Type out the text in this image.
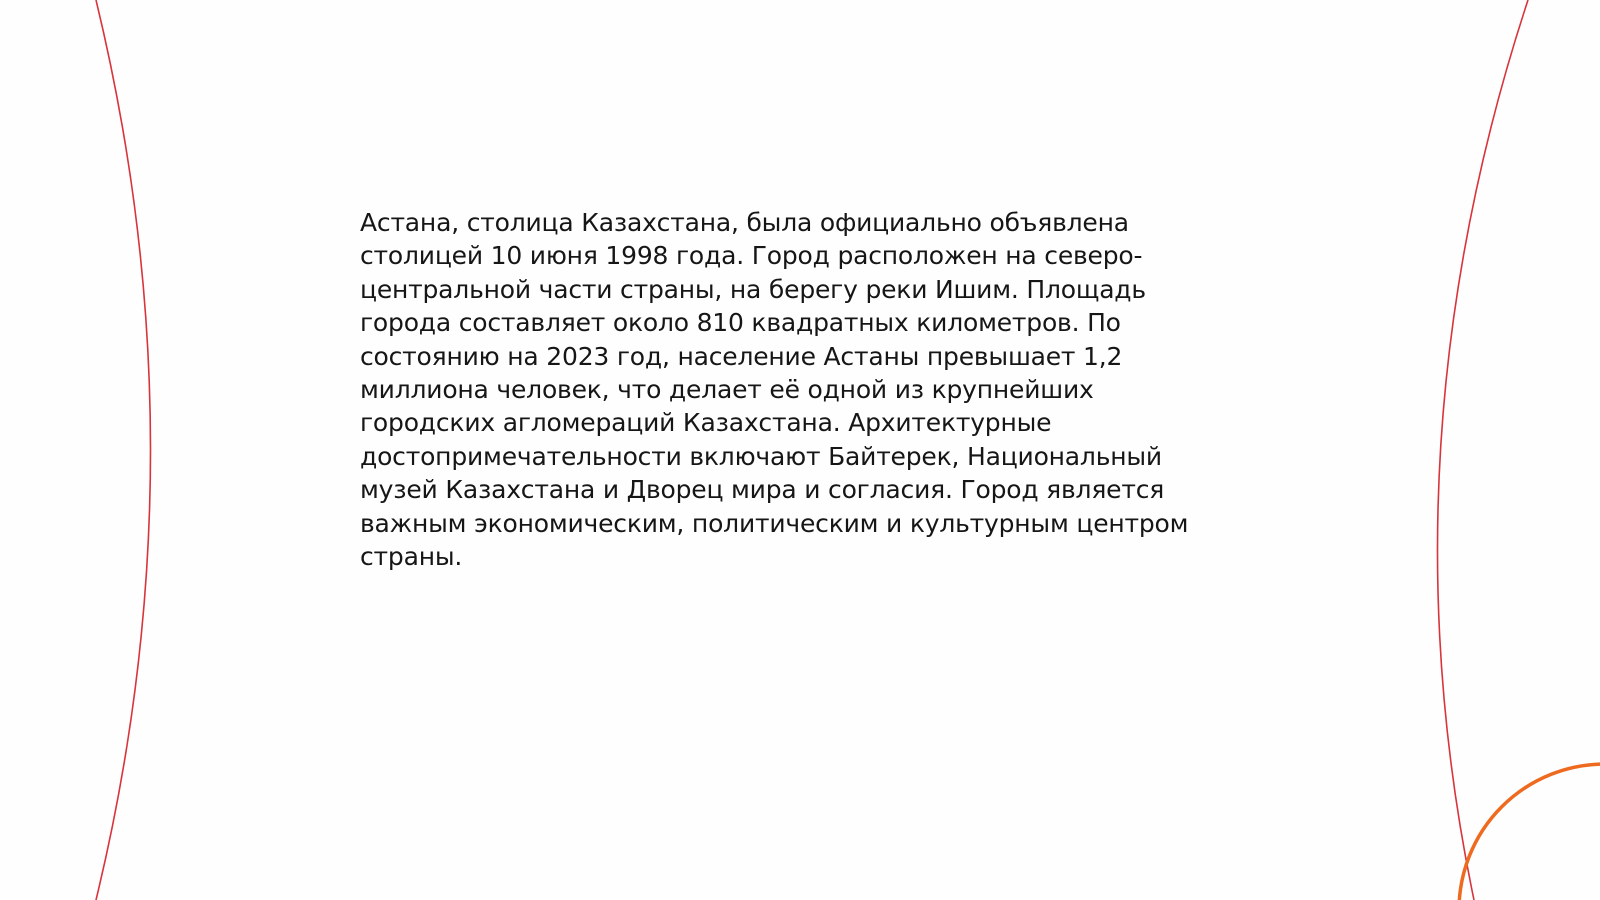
Астана, столица Казахстана, была официально объявлена
столицей 10 июня 1998 года. Город расположен на северо-
центральной части страны, на берегу реки Ишим. Площадь
города составляет около 810 квадратных километров. По
состоянию на 2023 год, население Астаны превышает 1,2
миллиона человек, что делает её одной из крупнейших
городских агломераций Казахстана. Архитектурные
достопримечательности включают Байтерек, Национальный
музей Казахстана и Дворец мира и согласия. Город является
важным экономическим, политическим и культурным центром
страны.
